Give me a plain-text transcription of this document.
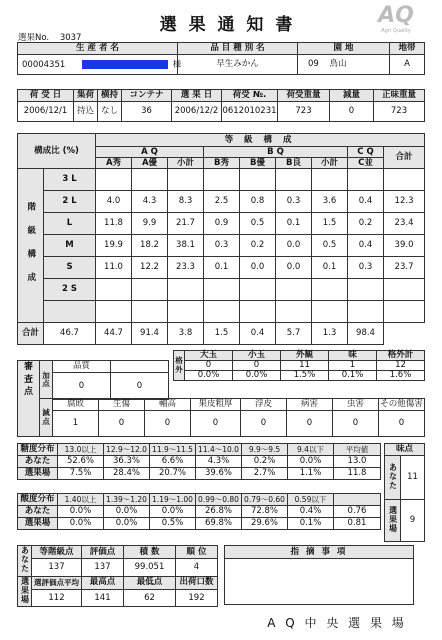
選 果 通 知 書	AQ
Agri Quality
選果No. 3037
生 産 者 名	品 目 種 別 名	園 地	地帯
00004351 様	早生みかん	09 鳥山	A
荷 受 日	集荷	横持	コンテナ	選 果 日	荷受 №.	荷受重量	減量	正味重量
2006/12/1	持込	なし	36	2006/12/2	0612010231	723	0	723
構成比 (%)		等 級 構 成								
		A Q			B Q				C Q	合計
		A秀	A優	小計	B秀	B優	B良	小計	C並	
階 級 構 成	3 L									
	2 L	4.0	4.3	8.3	2.5	0.8	0.3	3.6	0.4	12.3
	L	11.8	9.9	21.7	0.9	0.5	0.1	1.5	0.2	23.4
	M	19.9	18.2	38.1	0.3	0.2	0.0	0.5	0.4	39.0
	S	11.0	12.2	23.3	0.1	0.0	0.0	0.1	0.3	23.7
	2 S									

合計	46.7	44.7	91.4	3.8	1.5	0.4	5.7	1.3	98.4	
格外	大玉	小玉	外観	味	格外計
	0	0	11	1	12
	0.0%	0.0%	1.5%	0.1%	1.6%
審 査 点	加点	品質	
		0	0
	減点	腐敗	生傷	軸高	果皮粗厚	浮皮	病害	虫害	その他傷害
		1	0	0	0	0	0	0	0
糖度分布	13.0以上	12.9～12.0	11.9～11.5	11.4～10.0	9.9～9.5	9.4以下	平均値
あなた	52.6%	36.3%	6.6%	4.3%	0.2%	0.0%	13.0
選果場	7.5%	28.4%	20.7%	39.6%	2.7%	1.1%	11.8
味点	
あなた	11
選果場	9
酸度分布	1.40以上	1.39～1.20	1.19～1.00	0.99～0.80	0.79～0.60	0.59以下	
あなた	0.0%	0.0%	0.0%	26.8%	72.8%	0.4%	0.76
選果場	0.0%	0.0%	0.5%	69.8%	29.6%	0.1%	0.81
あなた	等階級点	評価点	積 数	順 位
	137	137	99.051	4
選果場	選評価点平均	最高点	最低点	出荷口数
	112	141	62	192
指 摘 事 項

A Q 中 央 選 果 場
